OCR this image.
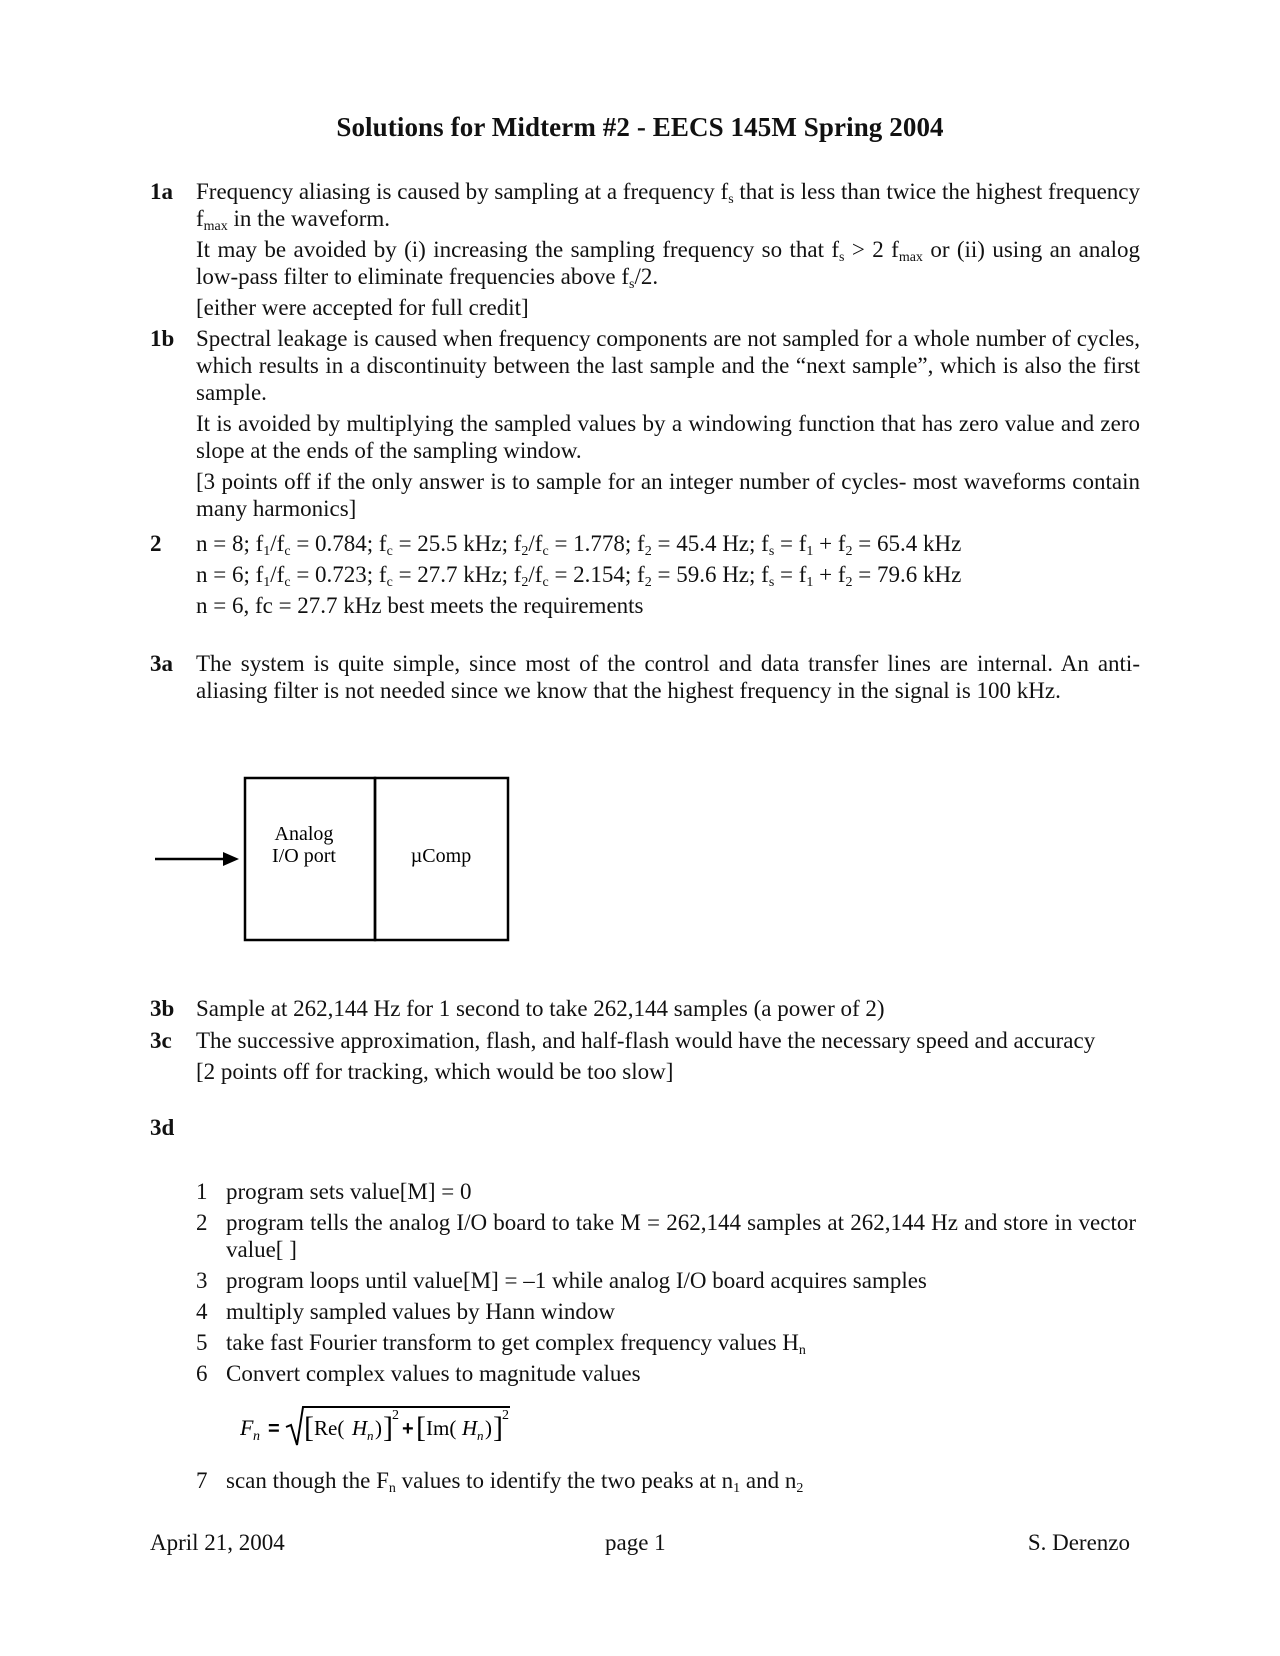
Solutions for Midterm #2 - EECS 145M Spring 2004
1a	Frequency aliasing is caused by sampling at a frequency $f_s$ that is less than twice the highest frequency $f_{max}$ in the waveform.

It may be avoided by (i) increasing the sampling frequency so that $f_s > 2$ $f_{max}$ or (ii) using an analog low-pass filter to eliminate frequencies above $f_s/2$.

[either were accepted for full credit]

1b Spectral leakage is caused when frequency components are not sampled for a whole number of cycles, which results in a discontinuity between the last sample and the “next sample”, which is also the first sample.

It is avoided by multiplying the sampled values by a windowing function that has zero value and zero slope at the ends of the sampling window.

[3 points off if the only answer is to sample for an integer number of cycles- most waveforms contain many harmonics]

2	n = 8; $f_1/f_c = 0.784$; $f_c = 25.5$ kHz; $f_2/f_c = 1.778$; $f_2 = 45.4$ Hz; $f_s = f_1 + f_2 = 65.4$ kHz

n = 6; $f_1/f_c = 0.723$; $f_c = 27.7$ kHz; $f_2/f_c = 2.154$; $f_2 = 59.6$ Hz; $f_s = f_1 + f_2 = 79.6$ kHz

n = 6, fc = 27.7 kHz best meets the requirements

3a	The system is quite simple, since most of the control and data transfer lines are internal. An anti-aliasing filter is not needed since we know that the highest frequency in the signal is 100 kHz.

Analog
I/O port	µComp
3b Sample at 262,144 Hz for 1 second to take 262,144 samples (a power of 2)

3c	The successive approximation, flash, and half-flash would have the necessary speed and accuracy

[2 points off for tracking, which would be too slow]

3d
1 program sets value[M] = 0
2 program tells the analog I/O board to take M = 262,144 samples at 262,144 Hz and store in vector value[ ]
3 program loops until value[M] = –1 while analog I/O board acquires samples
4 multiply sampled values by Hann window
5 take fast Fourier transform to get complex frequency values $H_n$
6 Convert complex values to magnitude values
F n = [ Re( H n ) ] 2
+ [ Im( H n ) ] 2
7 scan though the $F_n$ values to identify the two peaks at $n_1$ and $n_2$
April 21, 2004	page 1	S. Derenzo
